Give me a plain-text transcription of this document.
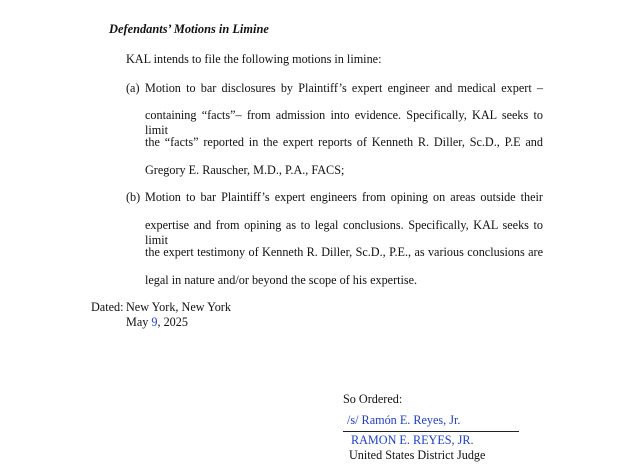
Defendants’ Motions in Limine
KAL intends to file the following motions in limine:
(a) Motion to bar disclosures by Plaintiff’s expert engineer and medical expert –
containing “facts”– from admission into evidence. Specifically, KAL seeks to limit
the “facts” reported in the expert reports of Kenneth R. Diller, Sc.D., P.E and
Gregory E. Rauscher, M.D., P.A., FACS;
(b) Motion to bar Plaintiff’s expert engineers from opining on areas outside their
expertise and from opining as to legal conclusions. Specifically, KAL seeks to limit
the expert testimony of Kenneth R. Diller, Sc.D., P.E., as various conclusions are
legal in nature and/or beyond the scope of his expertise.
Dated: New York, New York
May 9, 2025
So Ordered:
/s/ Ramón E. Reyes, Jr.
RAMON E. REYES, JR.
United States District Judge
